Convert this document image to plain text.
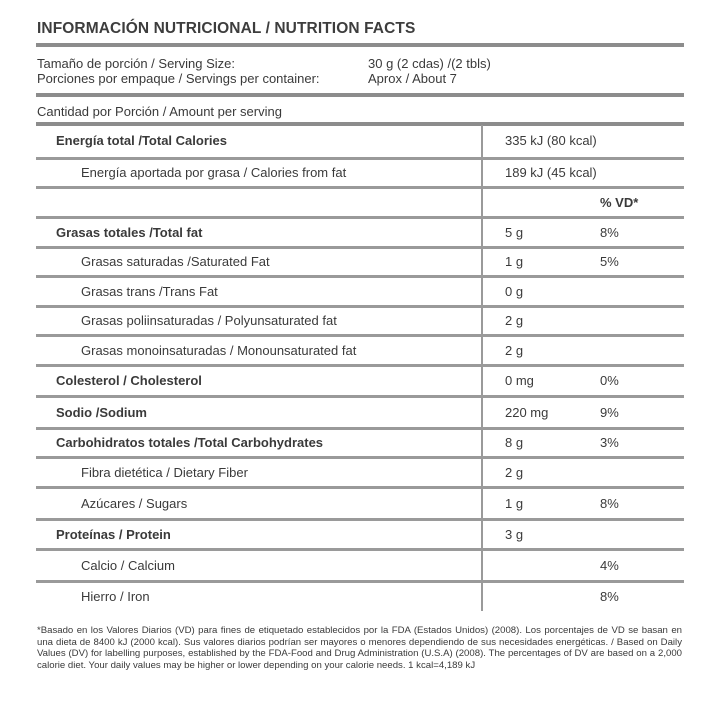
INFORMACIÓN NUTRICIONAL / NUTRITION FACTS
Tamaño de porción / Serving Size:	30 g (2 cdas) /(2 tbls)
Porciones por empaque / Servings per container:	Aprox / About 7
Cantidad por Porción / Amount per serving
Energía total /Total Calories	335 kJ (80 kcal)	
Energía aportada por grasa / Calories from fat	189 kJ (45 kcal)	
		% VD*
Grasas totales /Total fat	5 g	8%
Grasas saturadas /Saturated Fat	1 g	5%
Grasas trans /Trans Fat	0 g	
Grasas poliinsaturadas / Polyunsaturated fat	2 g	
Grasas monoinsaturadas / Monounsaturated fat	2 g	
Colesterol / Cholesterol	0 mg	0%
Sodio /Sodium	220 mg	9%
Carbohidratos totales /Total Carbohydrates	8 g	3%
Fibra dietética / Dietary Fiber	2 g	
Azúcares / Sugars	1 g	8%
Proteínas / Protein	3 g	
Calcio / Calcium		4%
Hierro / Iron		8%
*Basado en los Valores Diarios (VD) para fines de etiquetado establecidos por la FDA (Estados Unidos) (2008). Los porcentajes de VD se basan en una dieta de 8400 kJ (2000 kcal). Sus valores diarios podrían ser mayores o menores dependiendo de sus necesidades energéticas. / Based on Daily Values (DV) for labelling purposes, established by the FDA-Food and Drug Administration (U.S.A) (2008). The percentages of DV are based on a 2,000 calorie diet. Your daily values may be higher or lower depending on your calorie needs. 1 kcal=4,189 kJ
